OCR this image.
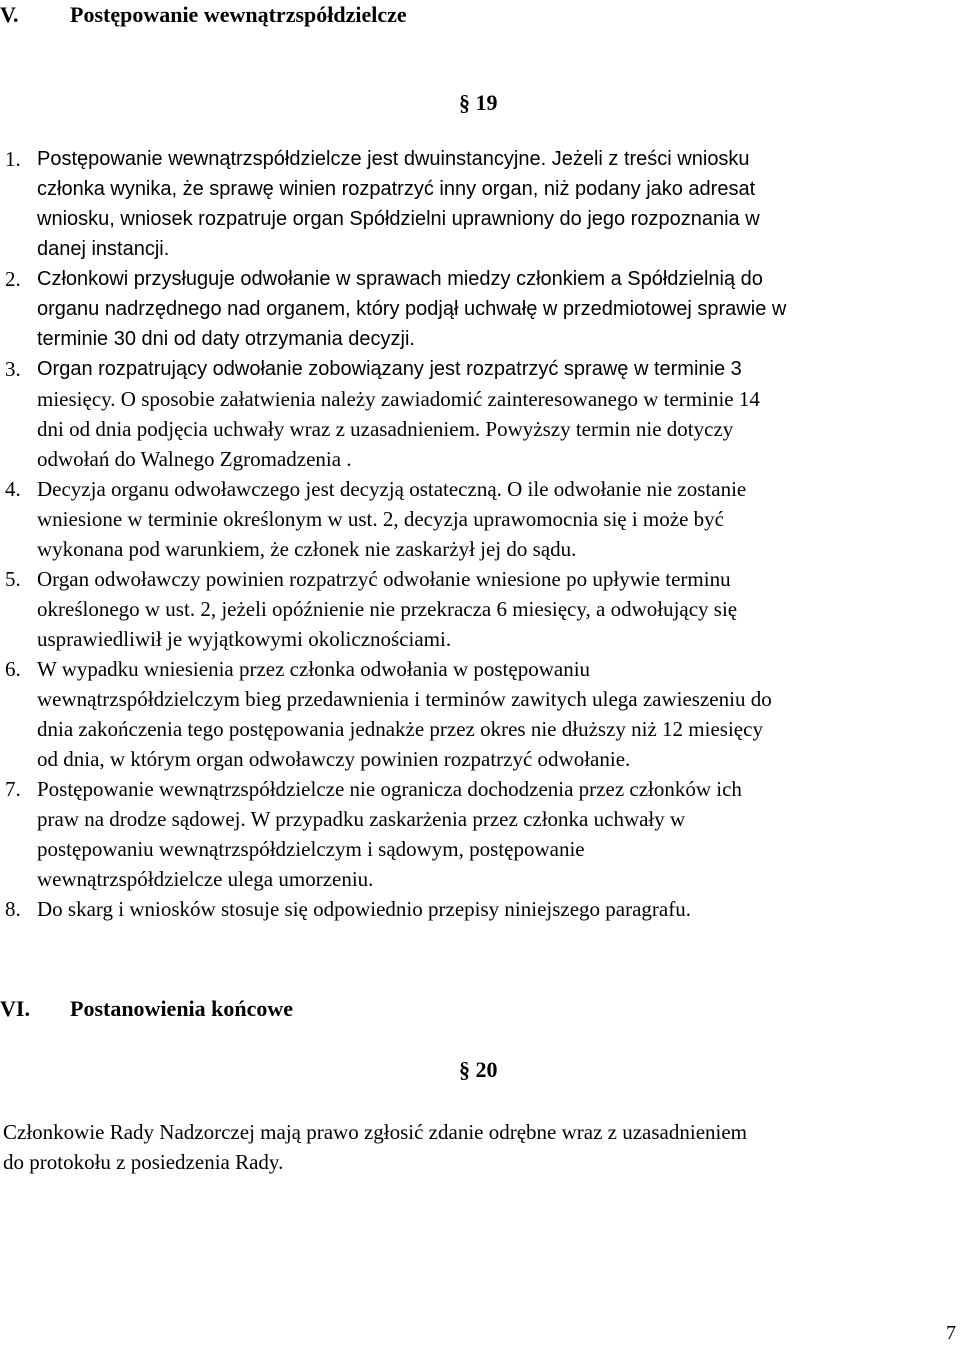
V. Postępowanie wewnątrzspółdzielcze
§ 19
1. Postępowanie wewnątrzspółdzielcze jest dwuinstancyjne. Jeżeli z treści wniosku
członka wynika, że sprawę winien rozpatrzyć inny organ, niż podany jako adresat
wniosku, wniosek rozpatruje organ Spółdzielni uprawniony do jego rozpoznania w
danej instancji.
2. Członkowi przysługuje odwołanie w sprawach miedzy członkiem a Spółdzielnią do
organu nadrzędnego nad organem, który podjął uchwałę w przedmiotowej sprawie w
terminie 30 dni od daty otrzymania decyzji.
3. Organ rozpatrujący odwołanie zobowiązany jest rozpatrzyć sprawę w terminie 3
miesięcy. O sposobie załatwienia należy zawiadomić zainteresowanego w terminie 14
dni od dnia podjęcia uchwały wraz z uzasadnieniem. Powyższy termin nie dotyczy
odwołań do Walnego Zgromadzenia .
4. Decyzja organu odwoławczego jest decyzją ostateczną. O ile odwołanie nie zostanie
wniesione w terminie określonym w ust. 2, decyzja uprawomocnia się i może być
wykonana pod warunkiem, że członek nie zaskarżył jej do sądu.
5. Organ odwoławczy powinien rozpatrzyć odwołanie wniesione po upływie terminu
określonego w ust. 2, jeżeli opóźnienie nie przekracza 6 miesięcy, a odwołujący się
usprawiedliwił je wyjątkowymi okolicznościami.
6. W wypadku wniesienia przez członka odwołania w postępowaniu
wewnątrzspółdzielczym bieg przedawnienia i terminów zawitych ulega zawieszeniu do
dnia zakończenia tego postępowania jednakże przez okres nie dłuższy niż 12 miesięcy
od dnia, w którym organ odwoławczy powinien rozpatrzyć odwołanie.
7. Postępowanie wewnątrzspółdzielcze nie ogranicza dochodzenia przez członków ich
praw na drodze sądowej. W przypadku zaskarżenia przez członka uchwały w
postępowaniu wewnątrzspółdzielczym i sądowym, postępowanie
wewnątrzspółdzielcze ulega umorzeniu.
8. Do skarg i wniosków stosuje się odpowiednio przepisy niniejszego paragrafu.
VI. Postanowienia końcowe
§ 20
Członkowie Rady Nadzorczej mają prawo zgłosić zdanie odrębne wraz z uzasadnieniem
do protokołu z posiedzenia Rady.
7
